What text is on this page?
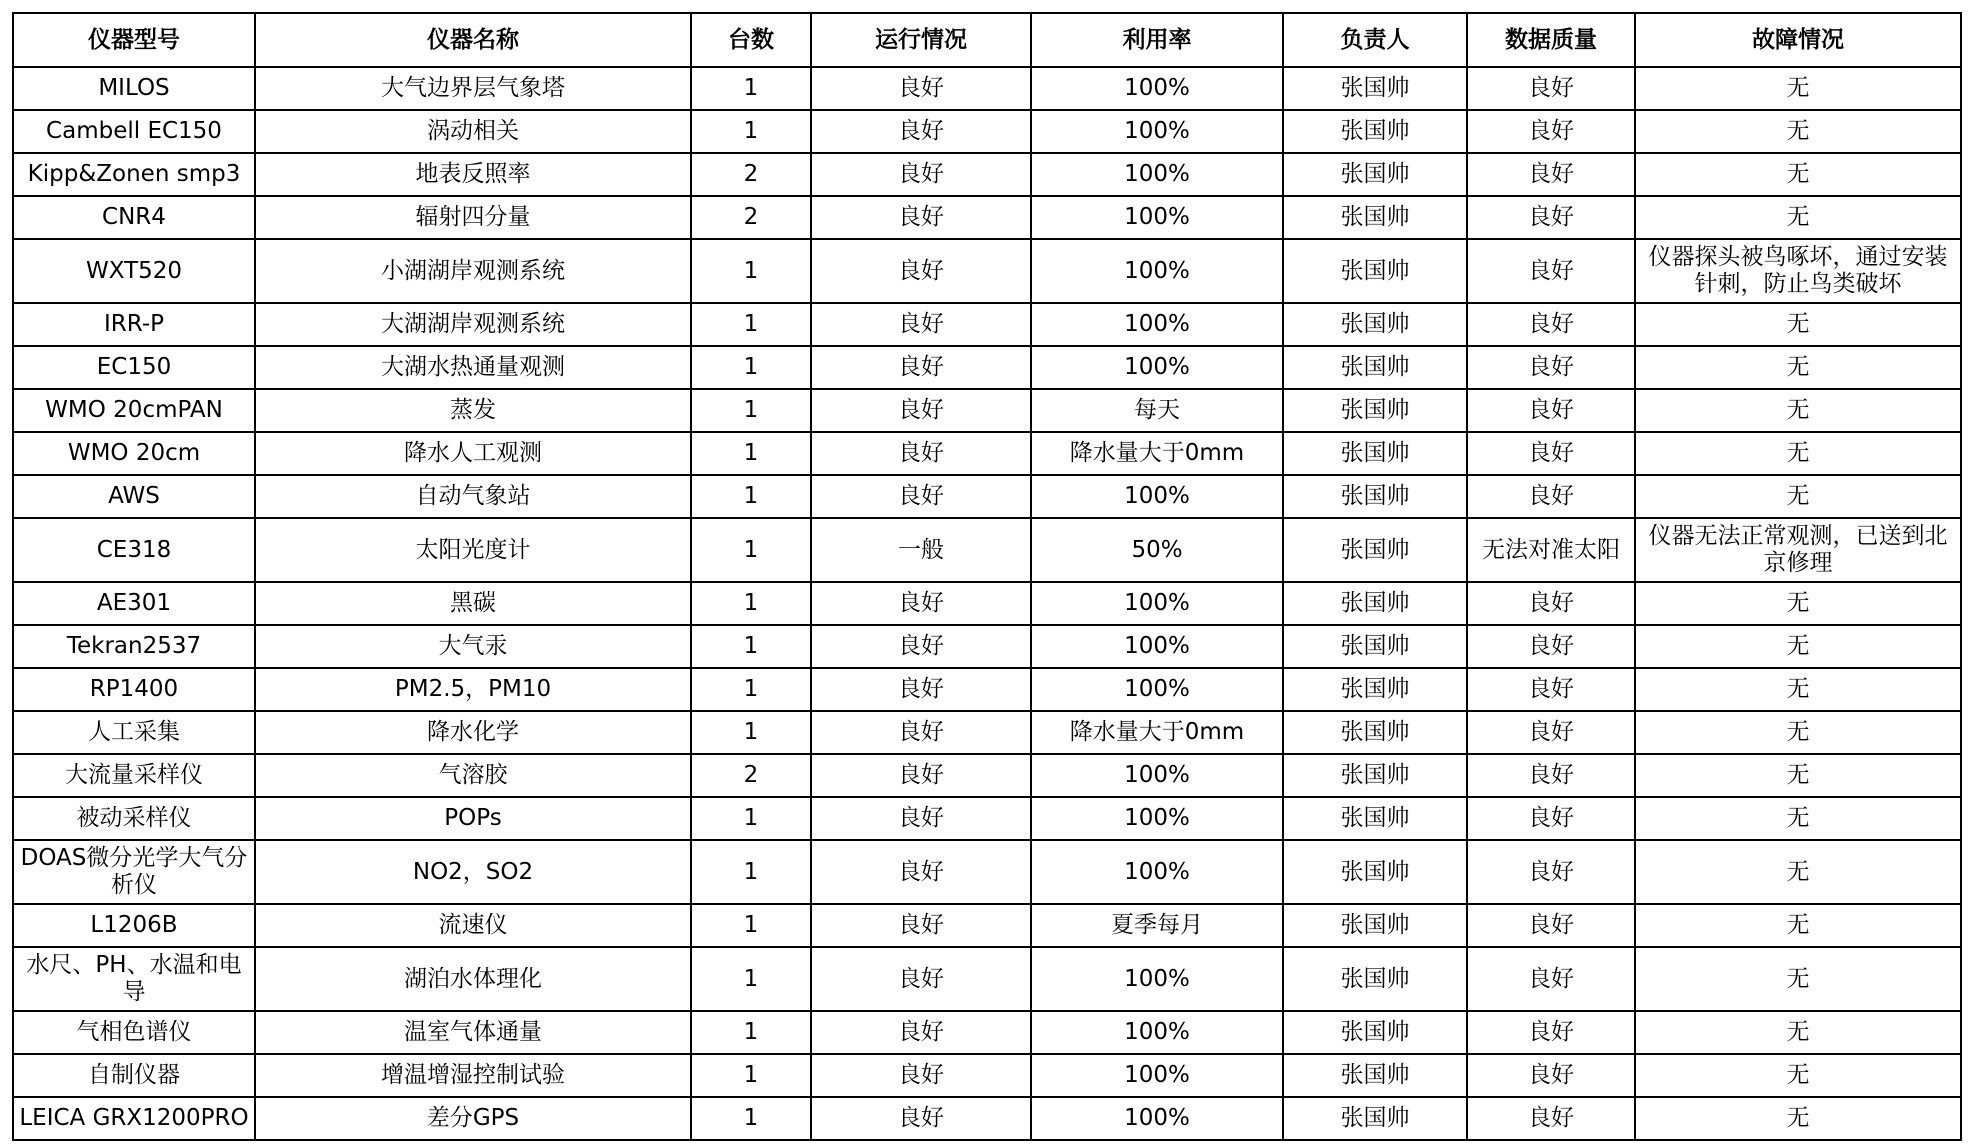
仪器型号	仪器名称	台数	运行情况	利用率	负责人	数据质量	故障情况
MILOS	大气边界层气象塔	1	良好	100%	张国帅	良好	无
Cambell EC150	涡动相关	1	良好	100%	张国帅	良好	无
Kipp&Zonen smp3	地表反照率	2	良好	100%	张国帅	良好	无
CNR4	辐射四分量	2	良好	100%	张国帅	良好	无
WXT520	小湖湖岸观测系统	1	良好	100%	张国帅	良好	仪器探头被鸟啄坏，通过安装针刺，防止鸟类破坏
IRR-P	大湖湖岸观测系统	1	良好	100%	张国帅	良好	无
EC150	大湖水热通量观测	1	良好	100%	张国帅	良好	无
WMO 20cmPAN	蒸发	1	良好	每天	张国帅	良好	无
WMO 20cm	降水人工观测	1	良好	降水量大于0mm	张国帅	良好	无
AWS	自动气象站	1	良好	100%	张国帅	良好	无
CE318	太阳光度计	1	一般	50%	张国帅	无法对准太阳	仪器无法正常观测，已送到北京修理
AE301	黑碳	1	良好	100%	张国帅	良好	无
Tekran2537	大气汞	1	良好	100%	张国帅	良好	无
RP1400	PM2.5，PM10	1	良好	100%	张国帅	良好	无
人工采集	降水化学	1	良好	降水量大于0mm	张国帅	良好	无
大流量采样仪	气溶胶	2	良好	100%	张国帅	良好	无
被动采样仪	POPs	1	良好	100%	张国帅	良好	无
DOAS微分光学大气分析仪	NO2，SO2	1	良好	100%	张国帅	良好	无
L1206B	流速仪	1	良好	夏季每月	张国帅	良好	无
水尺、PH、水温和电导	湖泊水体理化	1	良好	100%	张国帅	良好	无
气相色谱仪	温室气体通量	1	良好	100%	张国帅	良好	无
自制仪器	增温增湿控制试验	1	良好	100%	张国帅	良好	无
LEICA GRX1200PRO	差分GPS	1	良好	100%	张国帅	良好	无
